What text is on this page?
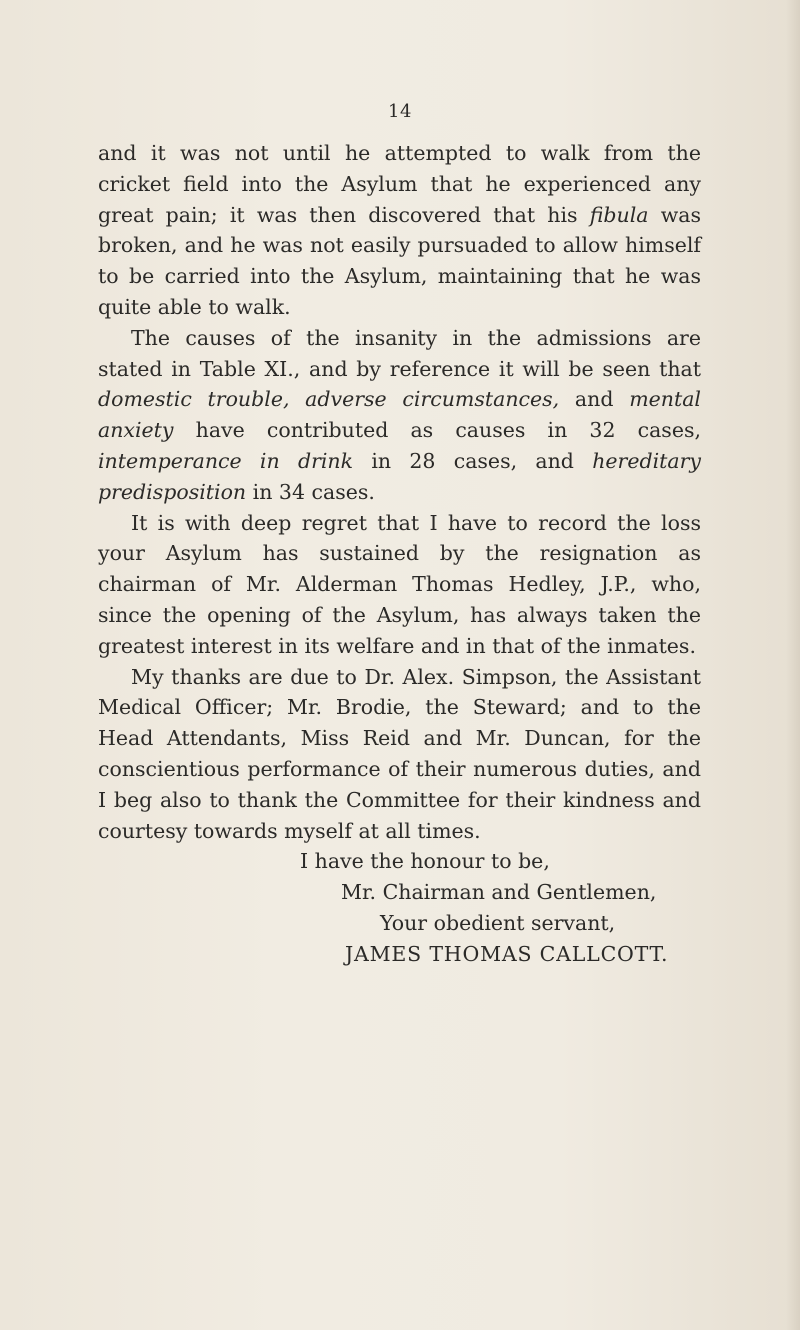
14

and it was not until he attempted to walk from the cricket field into the Asylum that he experienced any great pain; it was then discovered that his fibula was broken, and he was not easily pursuaded to allow himself to be carried into the Asylum, maintaining that he was quite able to walk.

The causes of the insanity in the admissions are stated in Table XI., and by reference it will be seen that domestic trouble, adverse circumstances, and mental anxiety have contributed as causes in 32 cases, intemperance in drink in 28 cases, and hereditary predisposition in 34 cases.

It is with deep regret that I have to record the loss your Asylum has sustained by the resignation as chairman of Mr. Alderman Thomas Hedley, J.P., who, since the opening of the Asylum, has always taken the greatest interest in its welfare and in that of the inmates.

My thanks are due to Dr. Alex. Simpson, the Assistant Medical Officer; Mr. Brodie, the Steward; and to the Head Attendants, Miss Reid and Mr. Duncan, for the conscientious performance of their numerous duties, and I beg also to thank the Committee for their kindness and courtesy towards myself at all times.

I have the honour to be,
Mr. Chairman and Gentlemen,
Your obedient servant,
JAMES THOMAS CALLCOTT.
